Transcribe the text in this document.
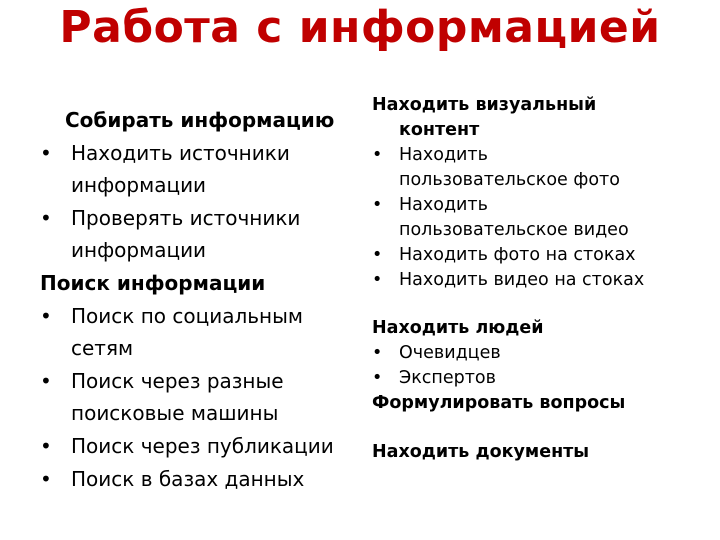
Работа с информацией
Собирать информацию
• Находить источники
информации
• Проверять источники
информации
Поиск информации
• Поиск по социальным
сетям
• Поиск через разные
поисковые машины
• Поиск через публикации
• Поиск в базах данных
Находить визуальный
контент
• Находить
пользовательское фото
• Находить
пользовательское видео
• Находить фото на стоках
• Находить видео на стоках
Находить людей
• Очевидцев
• Экспертов
Формулировать вопросы
Находить документы
